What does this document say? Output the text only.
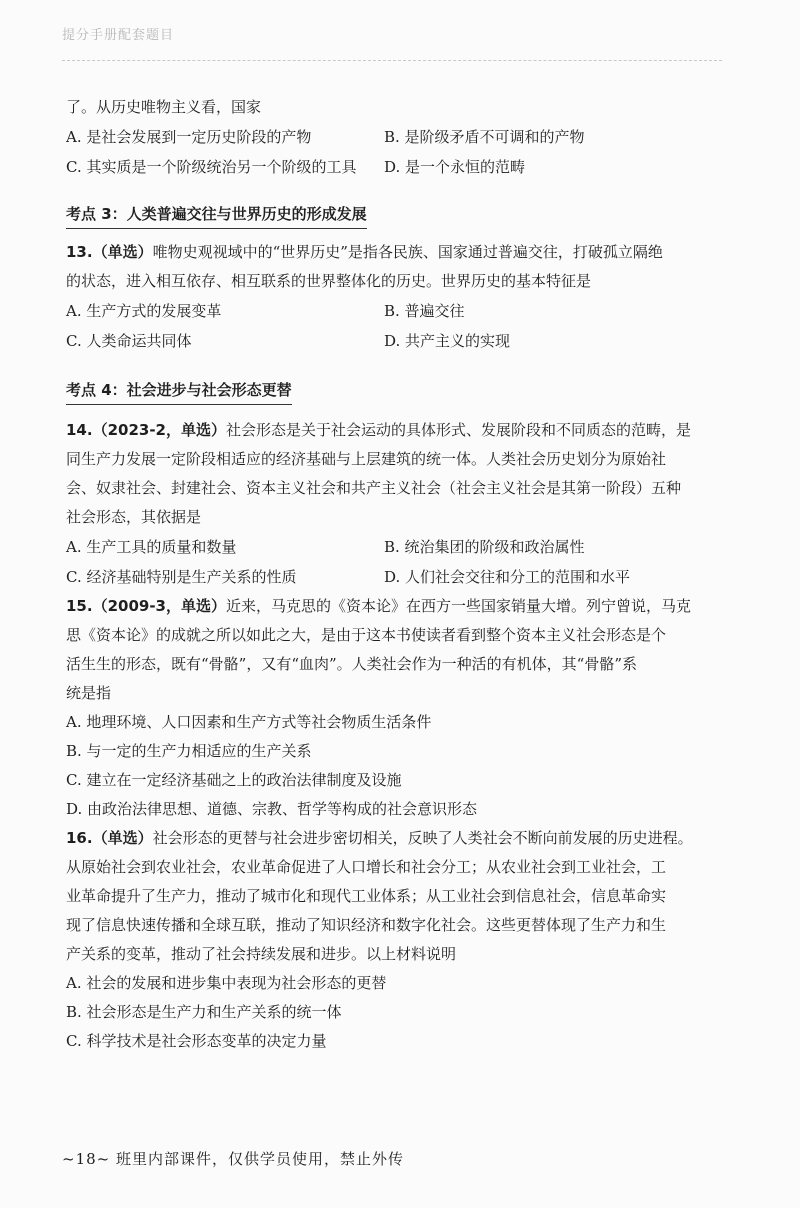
提分手册配套题目
了。从历史唯物主义看，国家
A. 是社会发展到一定历史阶段的产物	B. 是阶级矛盾不可调和的产物
C. 其实质是一个阶级统治另一个阶级的工具	D. 是一个永恒的范畴
考点 3：人类普遍交往与世界历史的形成发展
13.（单选）唯物史观视域中的“世界历史”是指各民族、国家通过普遍交往，打破孤立隔绝
的状态，进入相互依存、相互联系的世界整体化的历史。世界历史的基本特征是
A. 生产方式的发展变革	B. 普遍交往
C. 人类命运共同体	D. 共产主义的实现
考点 4：社会进步与社会形态更替
14.（2023-2，单选）社会形态是关于社会运动的具体形式、发展阶段和不同质态的范畴，是
同生产力发展一定阶段相适应的经济基础与上层建筑的统一体。人类社会历史划分为原始社
会、奴隶社会、封建社会、资本主义社会和共产主义社会（社会主义社会是其第一阶段）五种
社会形态，其依据是
A. 生产工具的质量和数量	B. 统治集团的阶级和政治属性
C. 经济基础特别是生产关系的性质	D. 人们社会交往和分工的范围和水平
15.（2009-3，单选）近来，马克思的《资本论》在西方一些国家销量大增。列宁曾说，马克
思《资本论》的成就之所以如此之大，是由于这本书使读者看到整个资本主义社会形态是个
活生生的形态，既有“骨骼”，又有“血肉”。人类社会作为一种活的有机体，其“骨骼”系
统是指
A. 地理环境、人口因素和生产方式等社会物质生活条件
B. 与一定的生产力相适应的生产关系
C. 建立在一定经济基础之上的政治法律制度及设施
D. 由政治法律思想、道德、宗教、哲学等构成的社会意识形态
16.（单选）社会形态的更替与社会进步密切相关，反映了人类社会不断向前发展的历史进程。
从原始社会到农业社会，农业革命促进了人口增长和社会分工；从农业社会到工业社会，工
业革命提升了生产力，推动了城市化和现代工业体系；从工业社会到信息社会，信息革命实
现了信息快速传播和全球互联，推动了知识经济和数字化社会。这些更替体现了生产力和生
产关系的变革，推动了社会持续发展和进步。以上材料说明
A. 社会的发展和进步集中表现为社会形态的更替
B. 社会形态是生产力和生产关系的统一体
C. 科学技术是社会形态变革的决定力量
~18~ 班里内部课件，仅供学员使用，禁止外传
